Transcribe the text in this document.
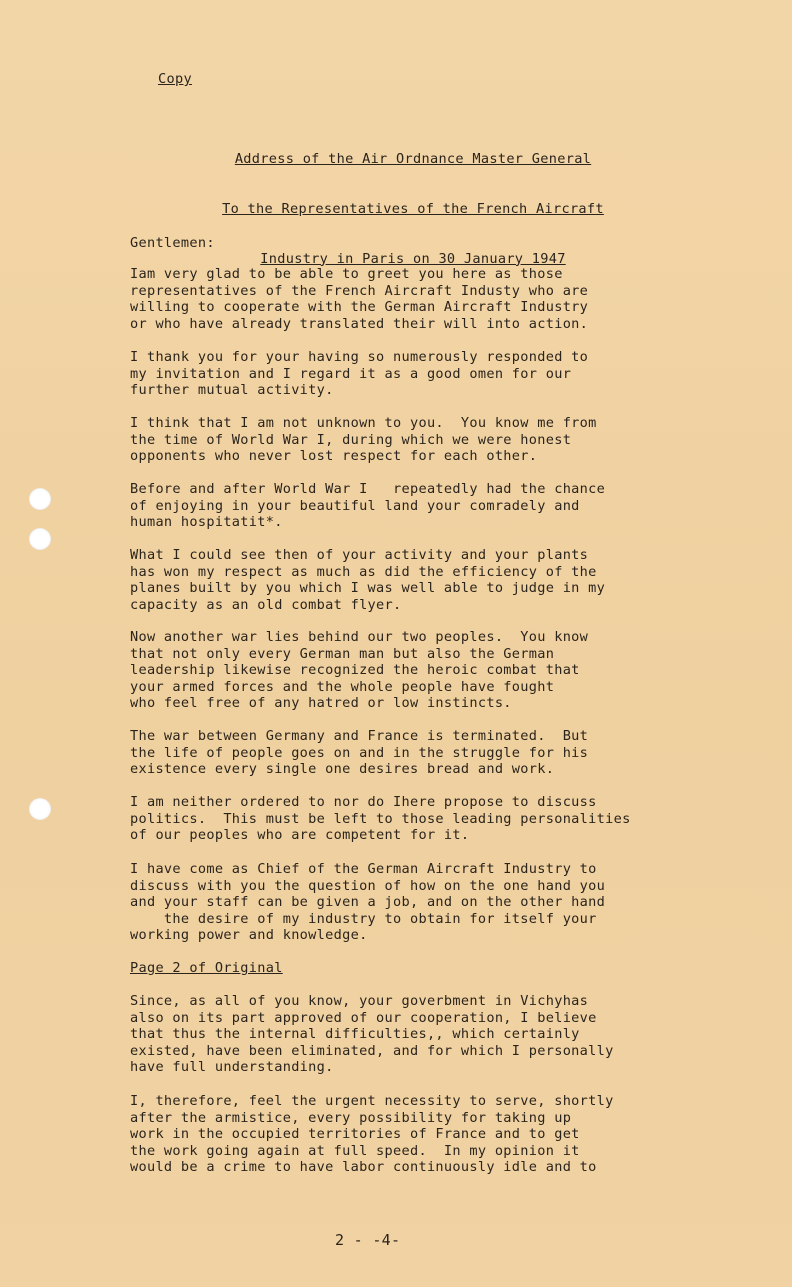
Copy

Address of the Air Ordnance Master General

To the Representatives of the French Aircraft

Industry in Paris on 30 January 1947

Gentlemen:

Iam very glad to be able to greet you here as those
representatives of the French Aircraft Industy who are
willing to cooperate with the German Aircraft Industry
or who have already translated their will into action.

I thank you for your having so numerously responded to
my invitation and I regard it as a good omen for our
further mutual activity.

I think that I am not unknown to you.  You know me from
the time of World War I, during which we were honest
opponents who never lost respect for each other.

Before and after World War I   repeatedly had the chance
of enjoying in your beautiful land your comradely and
human hospitatit*.

What I could see then of your activity and your plants
has won my respect as much as did the efficiency of the
planes built by you which I was well able to judge in my
capacity as an old combat flyer.

Now another war lies behind our two peoples.  You know
that not only every German man but also the German
leadership likewise recognized the heroic combat that
your armed forces and the whole people have fought
who feel free of any hatred or low instincts.

The war between Germany and France is terminated.  But
the life of people goes on and in the struggle for his
existence every single one desires bread and work.

I am neither ordered to nor do Ihere propose to discuss
politics.  This must be left to those leading personalities
of our peoples who are competent for it.

I have come as Chief of the German Aircraft Industry to
discuss with you the question of how on the one hand you
and your staff can be given a job, and on the other hand
the desire of my industry to obtain for itself your
working power and knowledge.

Page 2 of Original

Since, as all of you know, your goverbment in Vichyhas
also on its part approved of our cooperation, I believe
that thus the internal difficulties,, which certainly
existed, have been eliminated, and for which I personally
have full understanding.

I, therefore, feel the urgent necessity to serve, shortly
after the armistice, every possibility for taking up
work in the occupied territories of France and to get
the work going again at full speed.  In my opinion it
would be a crime to have labor continuously idle and to

2 - -4-
